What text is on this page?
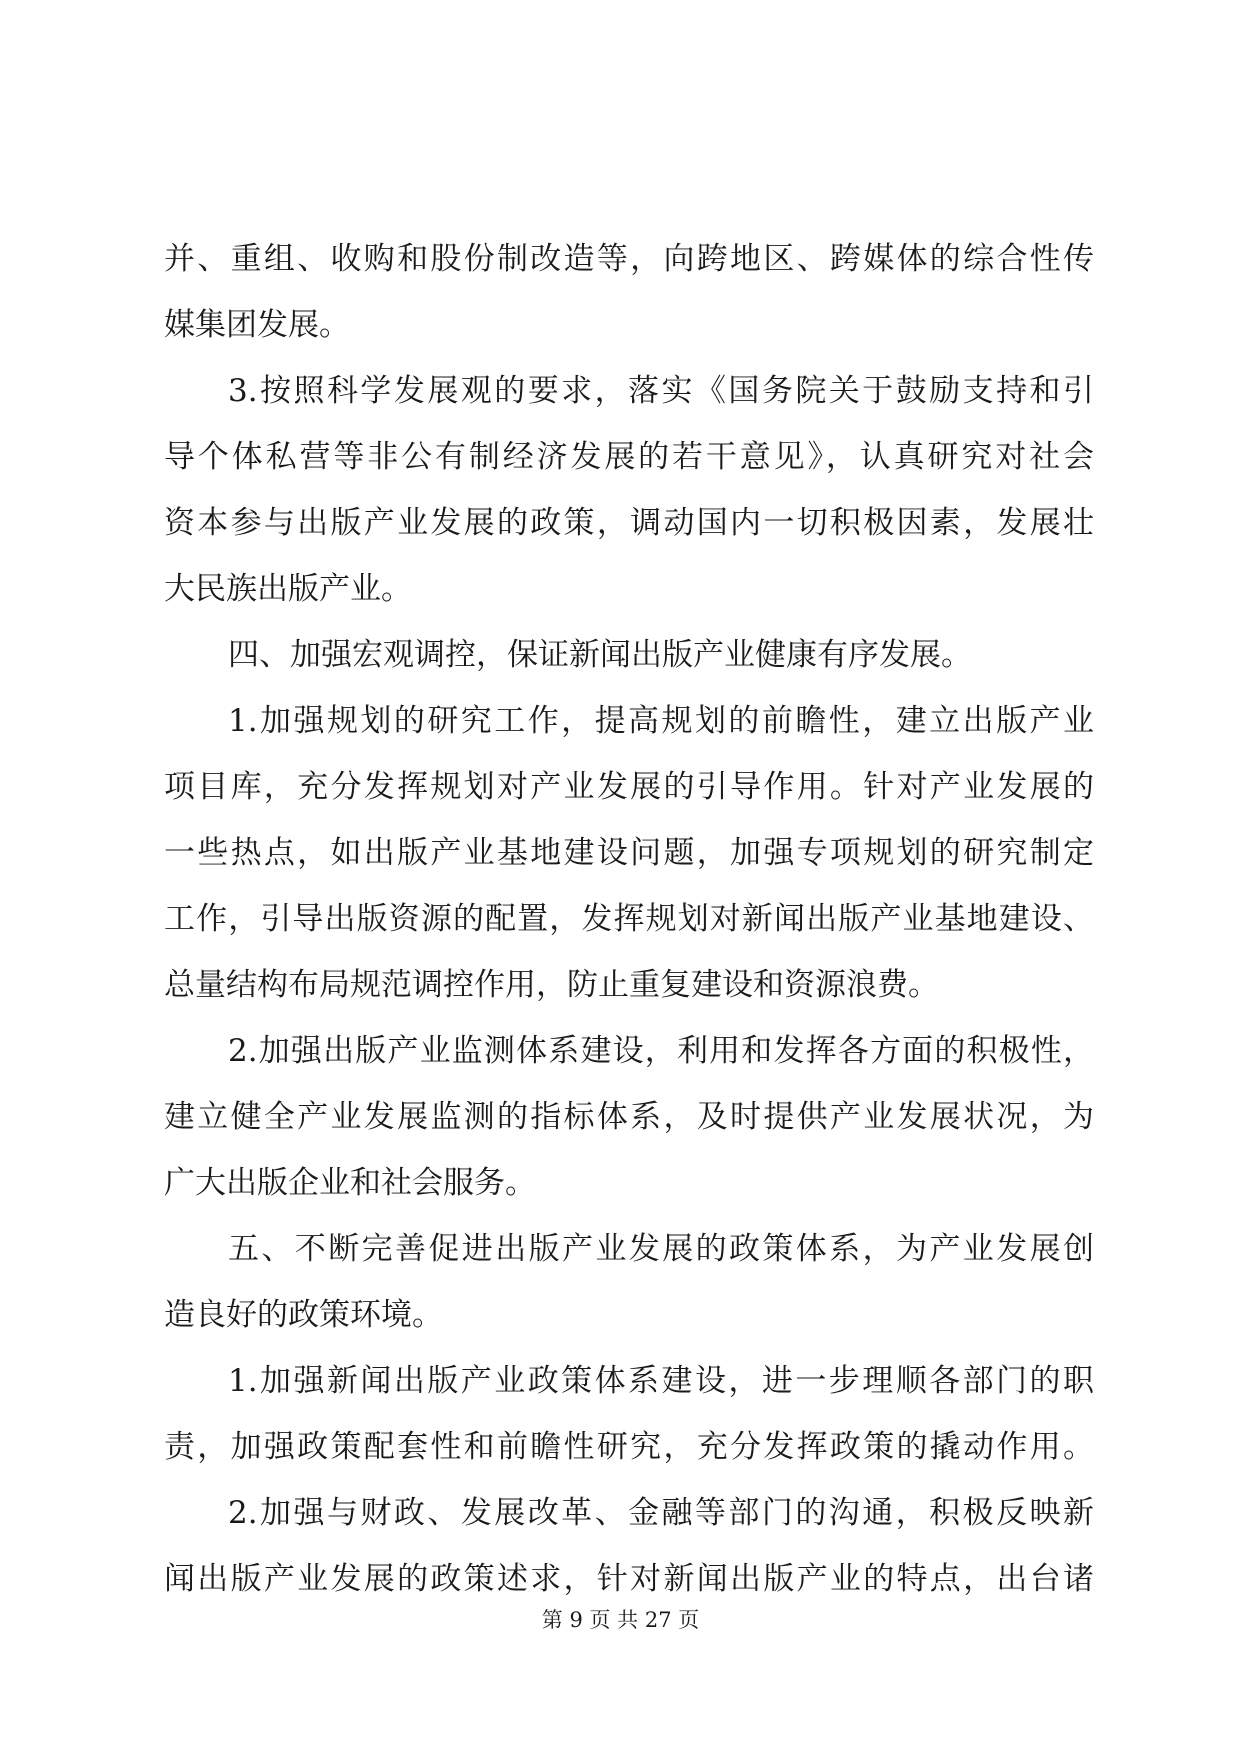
并、重组、收购和股份制改造等，向跨地区、跨媒体的综合性传
媒集团发展。
3.按照科学发展观的要求，落实《国务院关于鼓励支持和引
导个体私营等非公有制经济发展的若干意见》，认真研究对社会
资本参与出版产业发展的政策，调动国内一切积极因素，发展壮
大民族出版产业。
四、加强宏观调控，保证新闻出版产业健康有序发展。
1.加强规划的研究工作，提高规划的前瞻性，建立出版产业
项目库，充分发挥规划对产业发展的引导作用。针对产业发展的
一些热点，如出版产业基地建设问题，加强专项规划的研究制定
工作，引导出版资源的配置，发挥规划对新闻出版产业基地建设、
总量结构布局规范调控作用，防止重复建设和资源浪费。
2.加强出版产业监测体系建设，利用和发挥各方面的积极性，
建立健全产业发展监测的指标体系，及时提供产业发展状况，为
广大出版企业和社会服务。
五、不断完善促进出版产业发展的政策体系，为产业发展创
造良好的政策环境。
1.加强新闻出版产业政策体系建设，进一步理顺各部门的职
责，加强政策配套性和前瞻性研究，充分发挥政策的撬动作用。
2.加强与财政、发展改革、金融等部门的沟通，积极反映新
闻出版产业发展的政策述求，针对新闻出版产业的特点，出台诸
第 9 页 共 27 页
